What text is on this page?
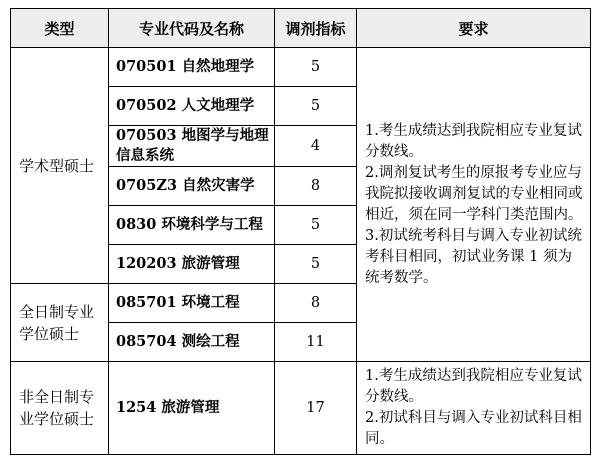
类型	专业代码及名称	调剂指标	要求
学术型硕士	070501 自然地理学	5	1.考生成绩达到我院相应专业复试分数线。

2.调剂复试考生的原报考专业应与我院拟接收调剂复试的专业相同或相近，须在同一学科门类范围内。

3.初试统考科目与调入专业初试统考科目相同，初试业务课 1 须为统考数学。

	070502 人文地理学	5	
	070503 地图学与地理信息系统	4	
	0705Z3 自然灾害学	8	
	0830 环境科学与工程	5	
	120203 旅游管理	5	
全日制专业学位硕士	085701 环境工程	8	
	085704 测绘工程	11	
非全日制专业学位硕士	1254 旅游管理	17	1.考生成绩达到我院相应专业复试分数线。

2.初试科目与调入专业初试科目相同。
